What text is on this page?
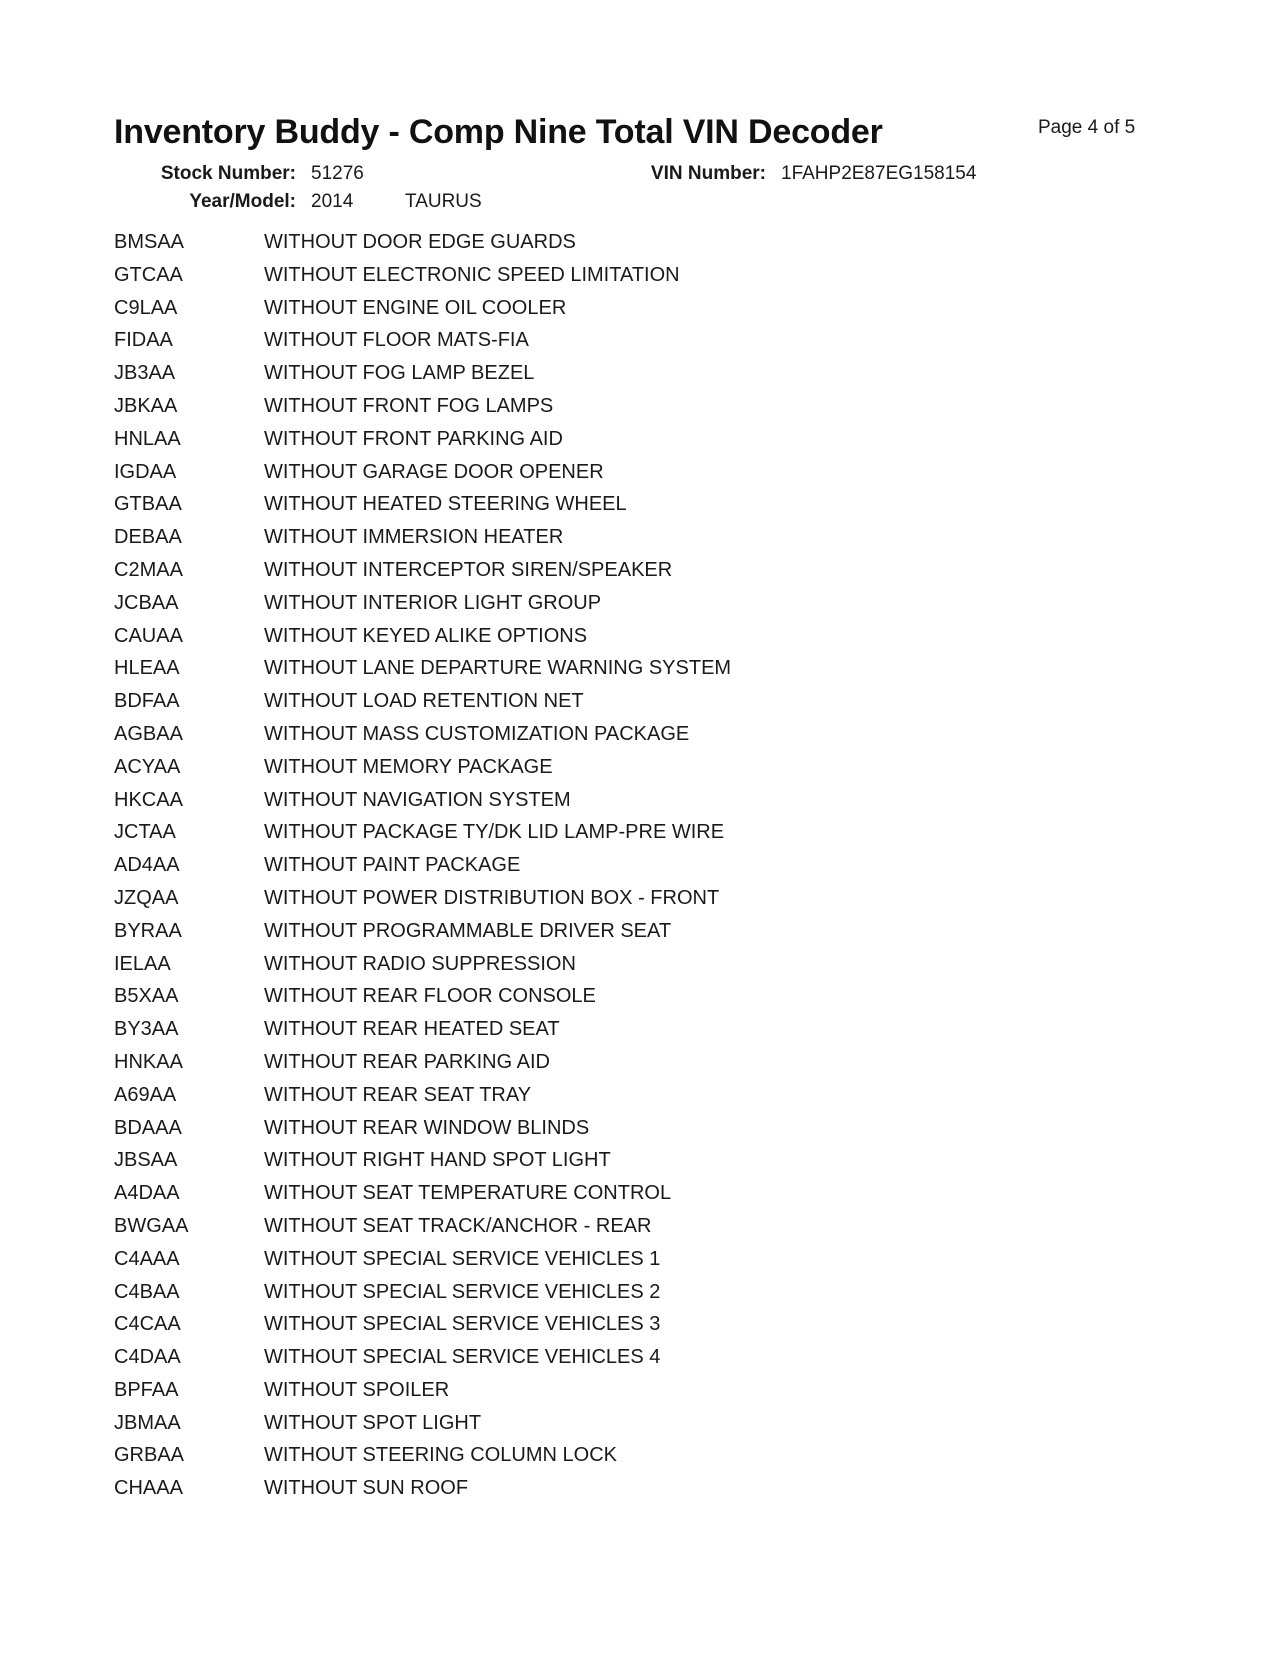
Inventory Buddy - Comp Nine Total VIN Decoder	Page 4 of 5
Stock Number: 51276	VIN Number: 1FAHP2E87EG158154
Year/Model: 2014	TAURUS
BMSAA	WITHOUT DOOR EDGE GUARDS
GTCAA	WITHOUT ELECTRONIC SPEED LIMITATION
C9LAA	WITHOUT ENGINE OIL COOLER
FIDAA	WITHOUT FLOOR MATS-FIA
JB3AA	WITHOUT FOG LAMP BEZEL
JBKAA	WITHOUT FRONT FOG LAMPS
HNLAA	WITHOUT FRONT PARKING AID
IGDAA	WITHOUT GARAGE DOOR OPENER
GTBAA	WITHOUT HEATED STEERING WHEEL
DEBAA	WITHOUT IMMERSION HEATER
C2MAA	WITHOUT INTERCEPTOR SIREN/SPEAKER
JCBAA	WITHOUT INTERIOR LIGHT GROUP
CAUAA	WITHOUT KEYED ALIKE OPTIONS
HLEAA	WITHOUT LANE DEPARTURE WARNING SYSTEM
BDFAA	WITHOUT LOAD RETENTION NET
AGBAA	WITHOUT MASS CUSTOMIZATION PACKAGE
ACYAA	WITHOUT MEMORY PACKAGE
HKCAA	WITHOUT NAVIGATION SYSTEM
JCTAA	WITHOUT PACKAGE TY/DK LID LAMP-PRE WIRE
AD4AA	WITHOUT PAINT PACKAGE
JZQAA	WITHOUT POWER DISTRIBUTION BOX - FRONT
BYRAA	WITHOUT PROGRAMMABLE DRIVER SEAT
IELAA	WITHOUT RADIO SUPPRESSION
B5XAA	WITHOUT REAR FLOOR CONSOLE
BY3AA	WITHOUT REAR HEATED SEAT
HNKAA	WITHOUT REAR PARKING AID
A69AA	WITHOUT REAR SEAT TRAY
BDAAA	WITHOUT REAR WINDOW BLINDS
JBSAA	WITHOUT RIGHT HAND SPOT LIGHT
A4DAA	WITHOUT SEAT TEMPERATURE CONTROL
BWGAA	WITHOUT SEAT TRACK/ANCHOR - REAR
C4AAA	WITHOUT SPECIAL SERVICE VEHICLES 1
C4BAA	WITHOUT SPECIAL SERVICE VEHICLES 2
C4CAA	WITHOUT SPECIAL SERVICE VEHICLES 3
C4DAA	WITHOUT SPECIAL SERVICE VEHICLES 4
BPFAA	WITHOUT SPOILER
JBMAA	WITHOUT SPOT LIGHT
GRBAA	WITHOUT STEERING COLUMN LOCK
CHAAA	WITHOUT SUN ROOF
